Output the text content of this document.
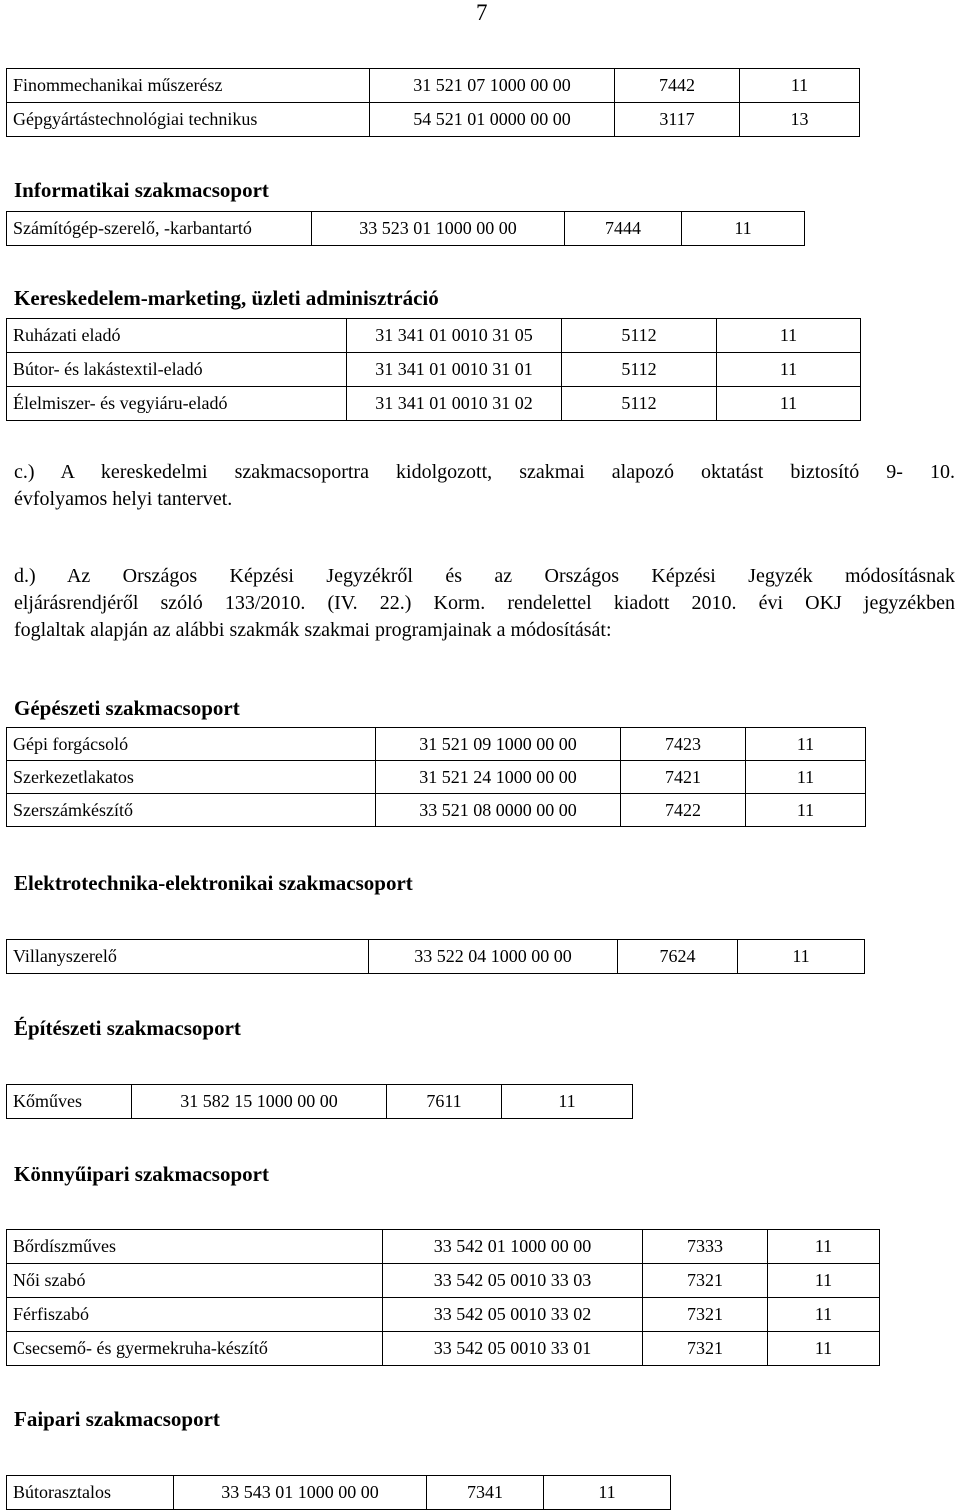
7
Finommechanikai műszerész	31 521 07 1000 00 00	7442	11
Gépgyártástechnológiai technikus	54 521 01 0000 00 00	3117	13
Informatikai szakmacsoport
Számítógép-szerelő, -karbantartó	33 523 01 1000 00 00	7444	11
Kereskedelem-marketing, üzleti adminisztráció
Ruházati eladó	31 341 01 0010 31 05	5112	11
Bútor- és lakástextil-eladó	31 341 01 0010 31 01	5112	11
Élelmiszer- és vegyiáru-eladó	31 341 01 0010 31 02	5112	11
c.) A kereskedelmi szakmacsoportra kidolgozott, szakmai alapozó oktatást biztosító 9- 10.
évfolyamos helyi tantervet.
d.) Az Országos Képzési Jegyzékről és az Országos Képzési Jegyzék módosításnak
eljárásrendjéről szóló 133/2010. (IV. 22.) Korm. rendelettel kiadott 2010. évi OKJ jegyzékben
foglaltak alapján az alábbi szakmák szakmai programjainak a módosítását:
Gépészeti szakmacsoport
Gépi forgácsoló	31 521 09 1000 00 00	7423	11
Szerkezetlakatos	31 521 24 1000 00 00	7421	11
Szerszámkészítő	33 521 08 0000 00 00	7422	11
Elektrotechnika-elektronikai szakmacsoport
Villanyszerelő	33 522 04 1000 00 00	7624	11
Építészeti szakmacsoport
Kőműves	31 582 15 1000 00 00	7611	11
Könnyűipari szakmacsoport
Bőrdíszműves	33 542 01 1000 00 00	7333	11
Női szabó	33 542 05 0010 33 03	7321	11
Férfiszabó	33 542 05 0010 33 02	7321	11
Csecsemő- és gyermekruha-készítő	33 542 05 0010 33 01	7321	11
Faipari szakmacsoport
Bútorasztalos	33 543 01 1000 00 00	7341	11
